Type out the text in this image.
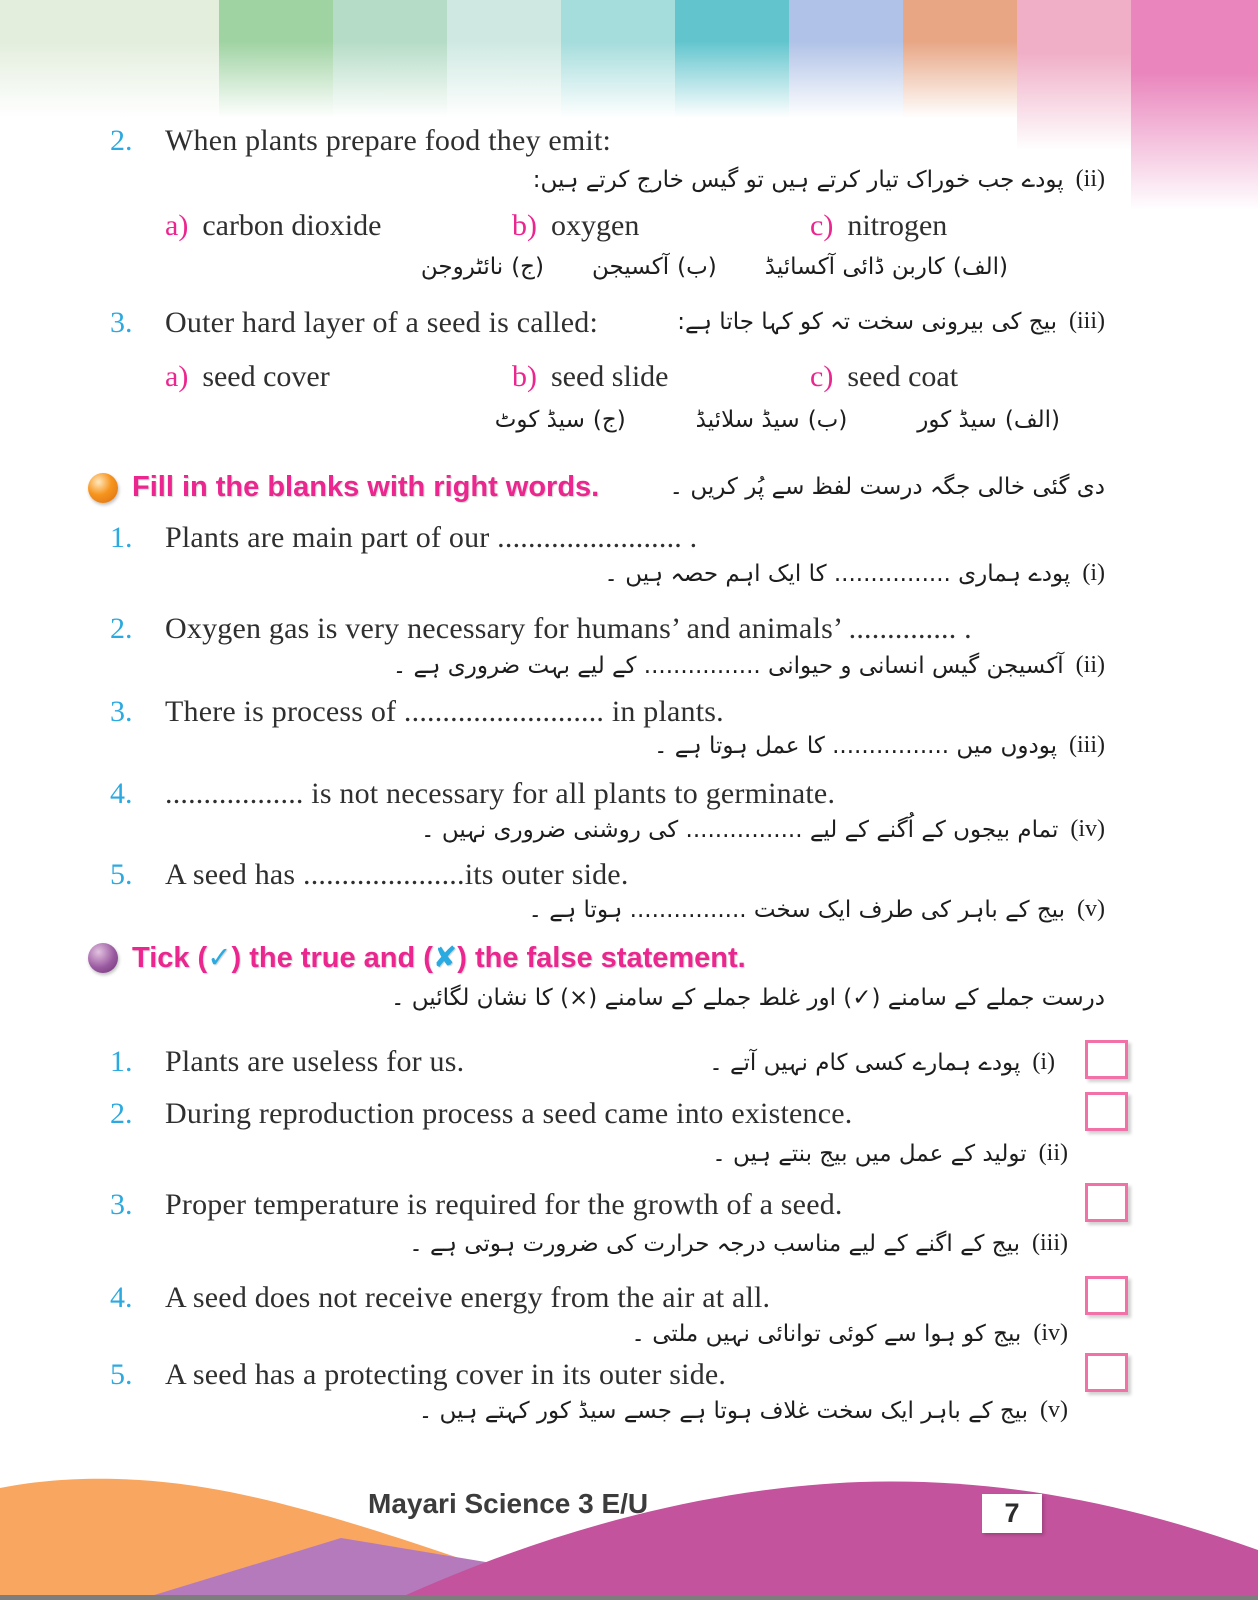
2. When plants prepare food they emit:
(ii)
پودے جب خوراک تیار کرتے ہیں تو گیس خارج کرتے ہیں:
a) carbon dioxide	b) oxygen	c) nitrogen
(الف)
کاربن ڈائی آکسائیڈ
(ب)
آکسیجن
(ج)
نائٹروجن
3. Outer hard layer of a seed is called:	(iii)
بیج کی بیرونی سخت تہ کو کہا جاتا ہے:
a) seed cover	b) seed slide	c) seed coat
(الف)
سیڈ کور
(ب)
سیڈ سلائیڈ
(ج)
سیڈ کوٹ
Fill in the blanks with right words.	دی گئی خالی جگہ درست لفظ سے پُر کریں ۔
1. Plants are main part of our ........................ .
(i)
پودے ہماری ................ کا ایک اہم حصہ ہیں ۔
2. Oxygen gas is very necessary for humans’ and animals’ .............. .
(ii)
آکسیجن گیس انسانی و حیوانی ................ کے لیے بہت ضروری ہے ۔
3. There is process of .......................... in plants.
(iii)
پودوں میں ................ کا عمل ہوتا ہے ۔
4. .................. is not necessary for all plants to germinate.
(iv)
تمام بیجوں کے اُگنے کے لیے ................ کی روشنی ضروری نہیں ۔
5. A seed has .....................its outer side.
(v)
بیج کے باہر کی طرف ایک سخت ................ ہوتا ہے ۔
Tick (✓) the true and (✘) the false statement.
درست جملے کے سامنے (✓) اور غلط جملے کے سامنے (×) کا نشان لگائیں ۔
1. Plants are useless for us.	(i)
پودے ہمارے کسی کام نہیں آتے ۔
2. During reproduction process a seed came into existence.
(ii)
تولید کے عمل میں بیج بنتے ہیں ۔
3. Proper temperature is required for the growth of a seed.
(iii)
بیج کے اگنے کے لیے مناسب درجہ حرارت کی ضرورت ہوتی ہے ۔
4. A seed does not receive energy from the air at all.
(iv)
بیج کو ہوا سے کوئی توانائی نہیں ملتی ۔
5. A seed has a protecting cover in its outer side.
(v)
بیج کے باہر ایک سخت غلاف ہوتا ہے جسے سیڈ کور کہتے ہیں ۔
Mayari Science 3 E/U	7
